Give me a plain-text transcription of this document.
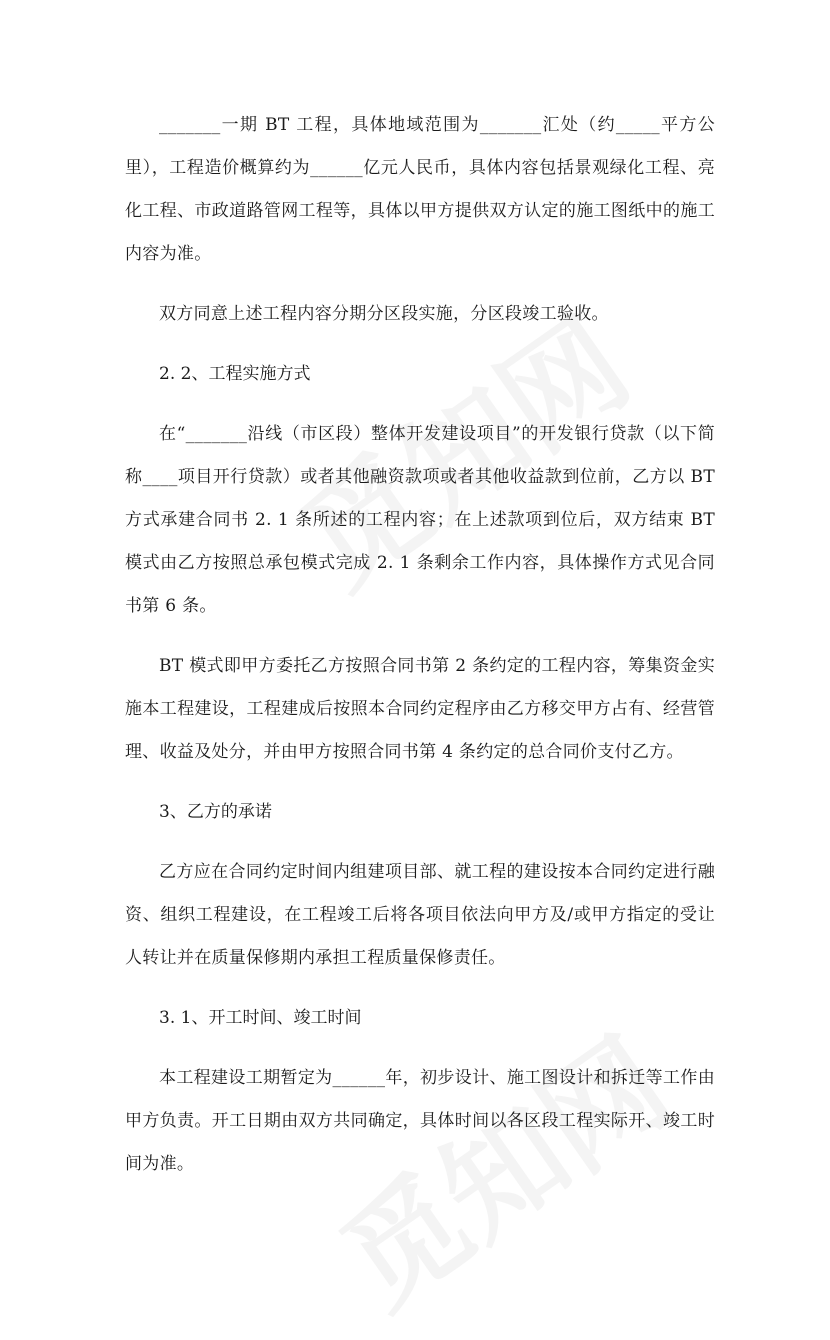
_______一期 BT 工程，具体地域范围为_______汇处（约_____平方公里），工程造价概算约为______亿元人民币，具体内容包括景观绿化工程、亮化工程、市政道路管网工程等，具体以甲方提供双方认定的施工图纸中的施工内容为准。

双方同意上述工程内容分期分区段实施，分区段竣工验收。

2. 2、工程实施方式

在“_______沿线（市区段）整体开发建设项目”的开发银行贷款（以下简称____项目开行贷款）或者其他融资款项或者其他收益款到位前，乙方以 BT 方式承建合同书 2. 1 条所述的工程内容；在上述款项到位后，双方结束 BT 模式由乙方按照总承包模式完成 2. 1 条剩余工作内容，具体操作方式见合同书第 6 条。

BT 模式即甲方委托乙方按照合同书第 2 条约定的工程内容，筹集资金实施本工程建设，工程建成后按照本合同约定程序由乙方移交甲方占有、经营管理、收益及处分，并由甲方按照合同书第 4 条约定的总合同价支付乙方。

3、乙方的承诺

乙方应在合同约定时间内组建项目部、就工程的建设按本合同约定进行融资、组织工程建设，在工程竣工后将各项目依法向甲方及/或甲方指定的受让人转让并在质量保修期内承担工程质量保修责任。

3. 1、开工时间、竣工时间

本工程建设工期暂定为______年，初步设计、施工图设计和拆迁等工作由甲方负责。开工日期由双方共同确定，具体时间以各区段工程实际开、竣工时间为准。
